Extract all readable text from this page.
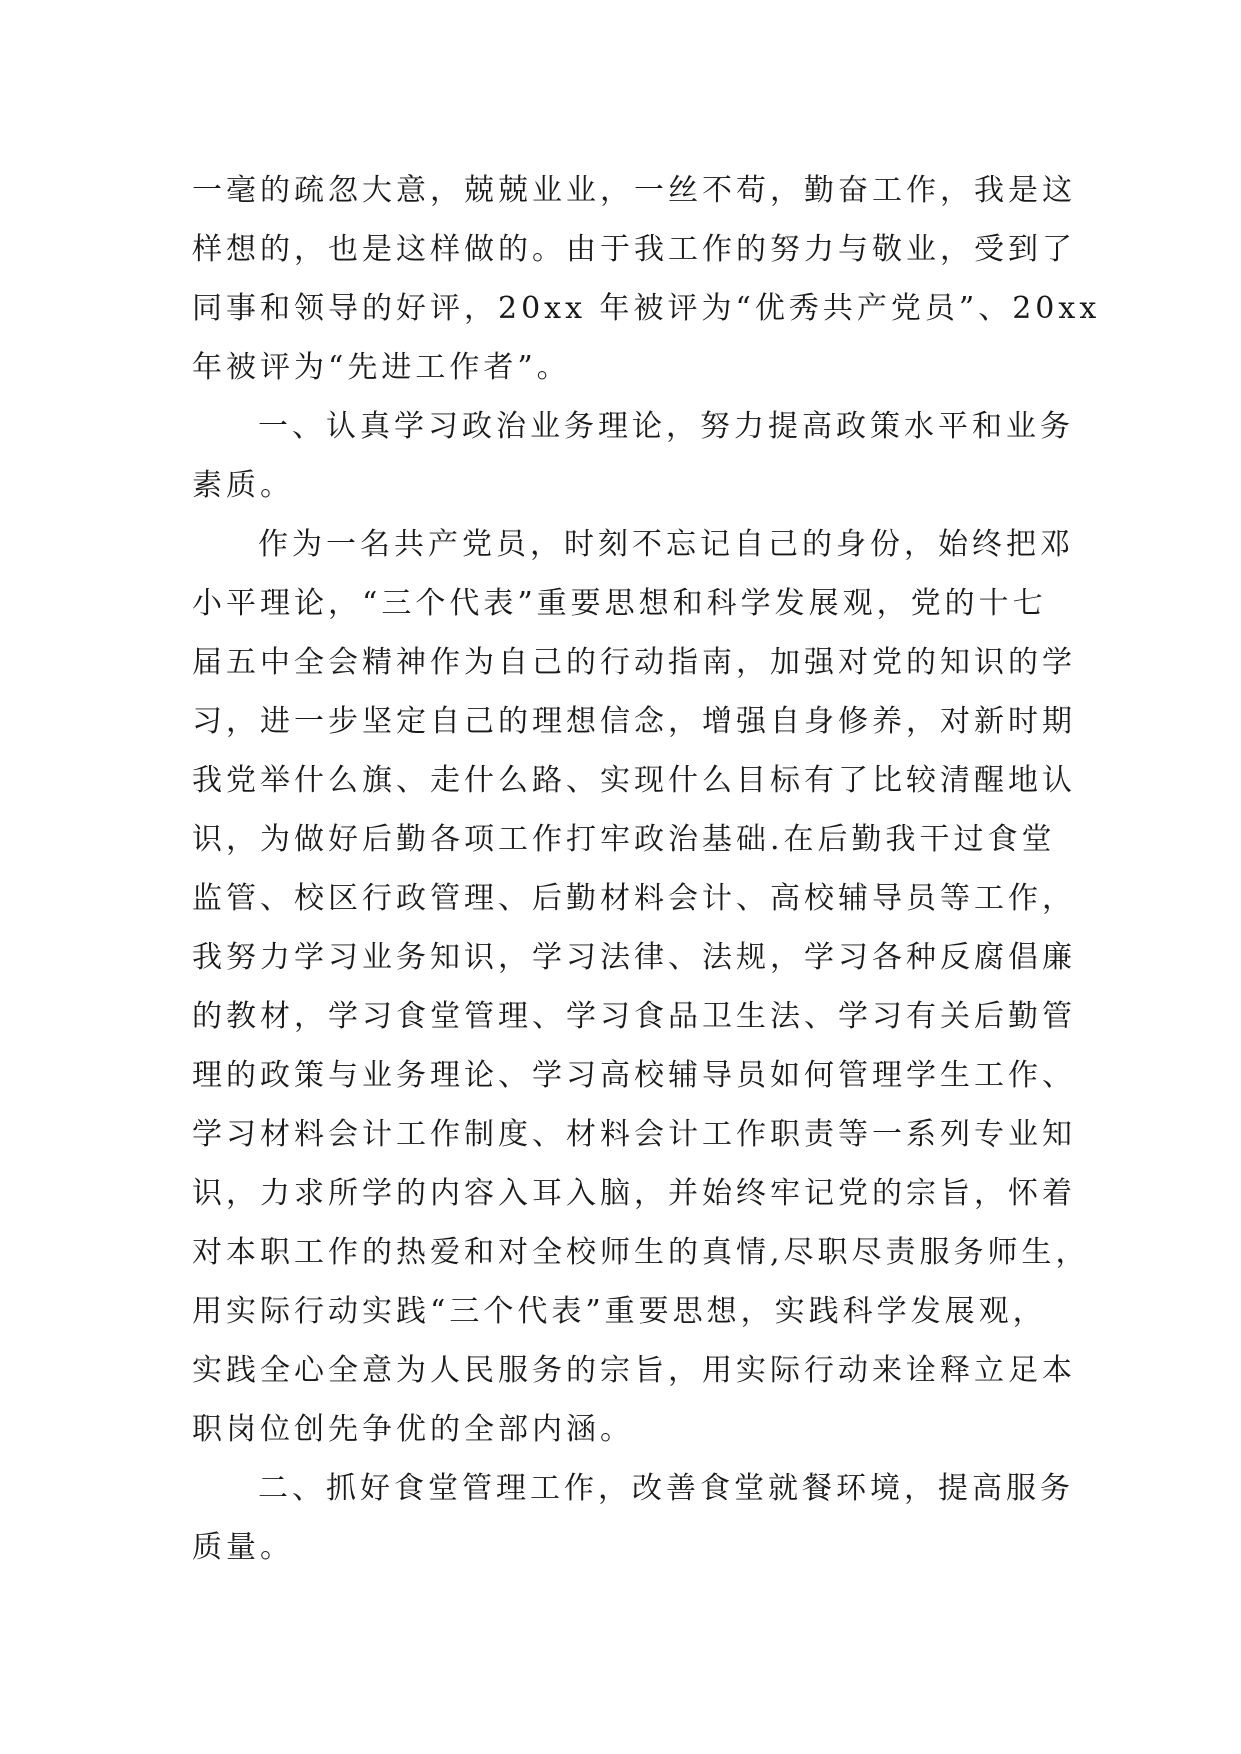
一毫的疏忽大意，兢兢业业，一丝不苟，勤奋工作，我是这

样想的，也是这样做的。由于我工作的努力与敬业，受到了

同事和领导的好评，20xx 年被评为“优秀共产党员”、20xx

年被评为“先进工作者”。

一、认真学习政治业务理论，努力提高政策水平和业务

素质。

作为一名共产党员，时刻不忘记自己的身份，始终把邓

小平理论，“三个代表”重要思想和科学发展观，党的十七

届五中全会精神作为自己的行动指南，加强对党的知识的学

习，进一步坚定自己的理想信念，增强自身修养，对新时期

我党举什么旗、走什么路、实现什么目标有了比较清醒地认

识，为做好后勤各项工作打牢政治基础.在后勤我干过食堂

监管、校区行政管理、后勤材料会计、高校辅导员等工作，

我努力学习业务知识，学习法律、法规，学习各种反腐倡廉

的教材，学习食堂管理、学习食品卫生法、学习有关后勤管

理的政策与业务理论、学习高校辅导员如何管理学生工作、

学习材料会计工作制度、材料会计工作职责等一系列专业知

识，力求所学的内容入耳入脑，并始终牢记党的宗旨，怀着

对本职工作的热爱和对全校师生的真情,尽职尽责服务师生，

用实际行动实践“三个代表”重要思想，实践科学发展观，

实践全心全意为人民服务的宗旨，用实际行动来诠释立足本

职岗位创先争优的全部内涵。

二、抓好食堂管理工作，改善食堂就餐环境，提高服务

质量。
